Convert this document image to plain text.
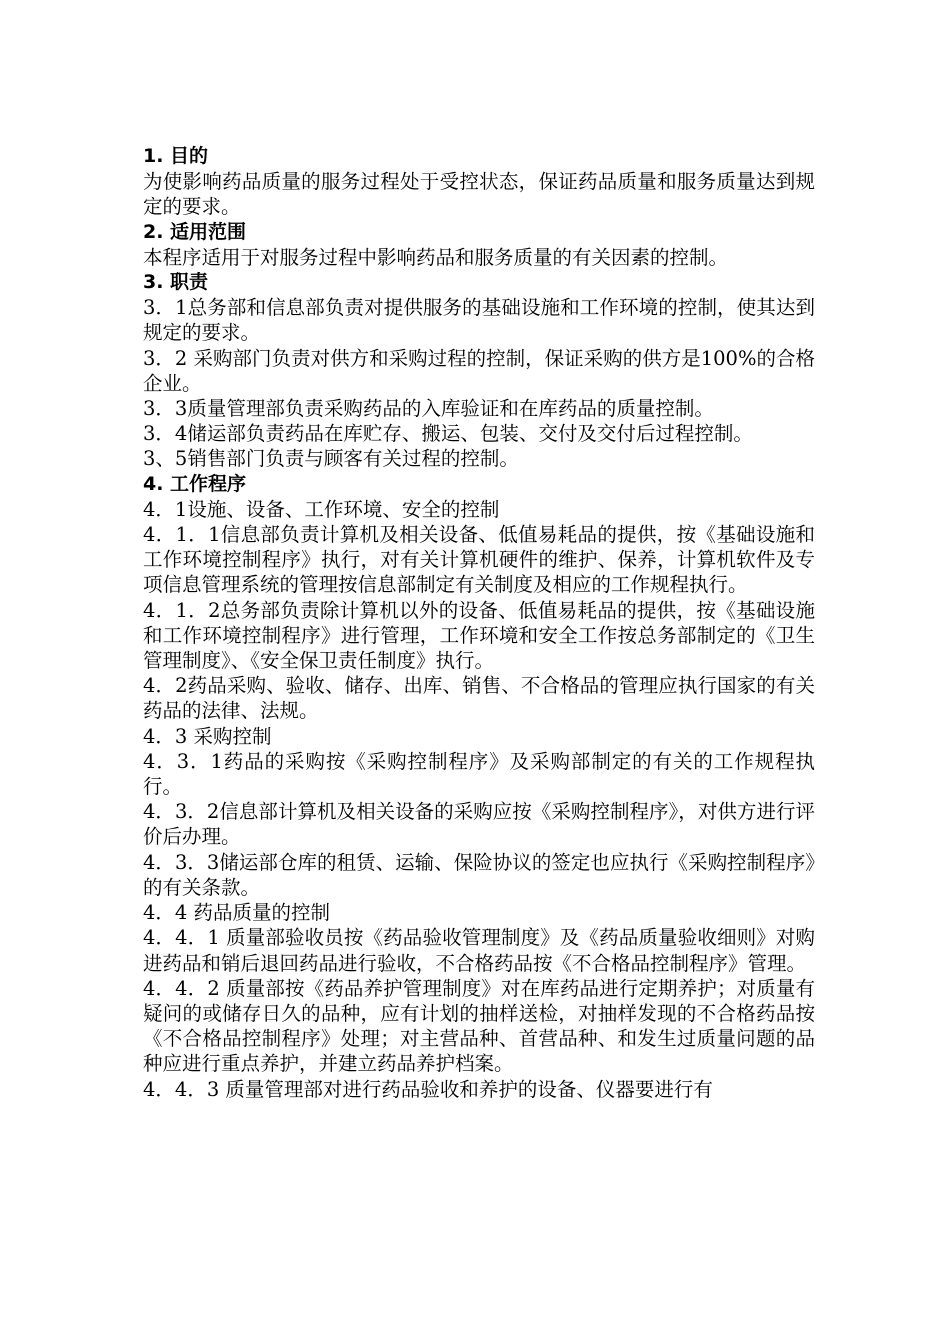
1. 目的

为使影响药品质量的服务过程处于受控状态，保证药品质量和服务质量达到规定的要求。

2. 适用范围

本程序适用于对服务过程中影响药品和服务质量的有关因素的控制。

3. 职责

3．1总务部和信息部负责对提供服务的基础设施和工作环境的控制，使其达到规定的要求。

3．2 采购部门负责对供方和采购过程的控制，保证采购的供方是100%的合格企业。

3．3质量管理部负责采购药品的入库验证和在库药品的质量控制。

3．4储运部负责药品在库贮存、搬运、包装、交付及交付后过程控制。

3、5销售部门负责与顾客有关过程的控制。

4. 工作程序

4．1设施、设备、工作环境、安全的控制

4．1．1信息部负责计算机及相关设备、低值易耗品的提供，按《基础设施和工作环境控制程序》执行，对有关计算机硬件的维护、保养，计算机软件及专项信息管理系统的管理按信息部制定有关制度及相应的工作规程执行。

4．1．2总务部负责除计算机以外的设备、低值易耗品的提供，按《基础设施和工作环境控制程序》进行管理，工作环境和安全工作按总务部制定的《卫生管理制度》、《安全保卫责任制度》执行。

4．2药品采购、验收、储存、出库、销售、不合格品的管理应执行国家的有关药品的法律、法规。

4．3 采购控制

4．3．1药品的采购按《采购控制程序》及采购部制定的有关的工作规程执行。

4．3．2信息部计算机及相关设备的采购应按《采购控制程序》，对供方进行评价后办理。

4．3．3储运部仓库的租赁、运输、保险协议的签定也应执行《采购控制程序》的有关条款。

4．4 药品质量的控制

4．4．1 质量部验收员按《药品验收管理制度》及《药品质量验收细则》对购进药品和销后退回药品进行验收，不合格药品按《不合格品控制程序》管理。

4．4．2 质量部按《药品养护管理制度》对在库药品进行定期养护；对质量有疑问的或储存日久的品种，应有计划的抽样送检，对抽样发现的不合格药品按《不合格品控制程序》处理；对主营品种、首营品种、和发生过质量问题的品种应进行重点养护，并建立药品养护档案。

4．4．3 质量管理部对进行药品验收和养护的设备、仪器要进行有
